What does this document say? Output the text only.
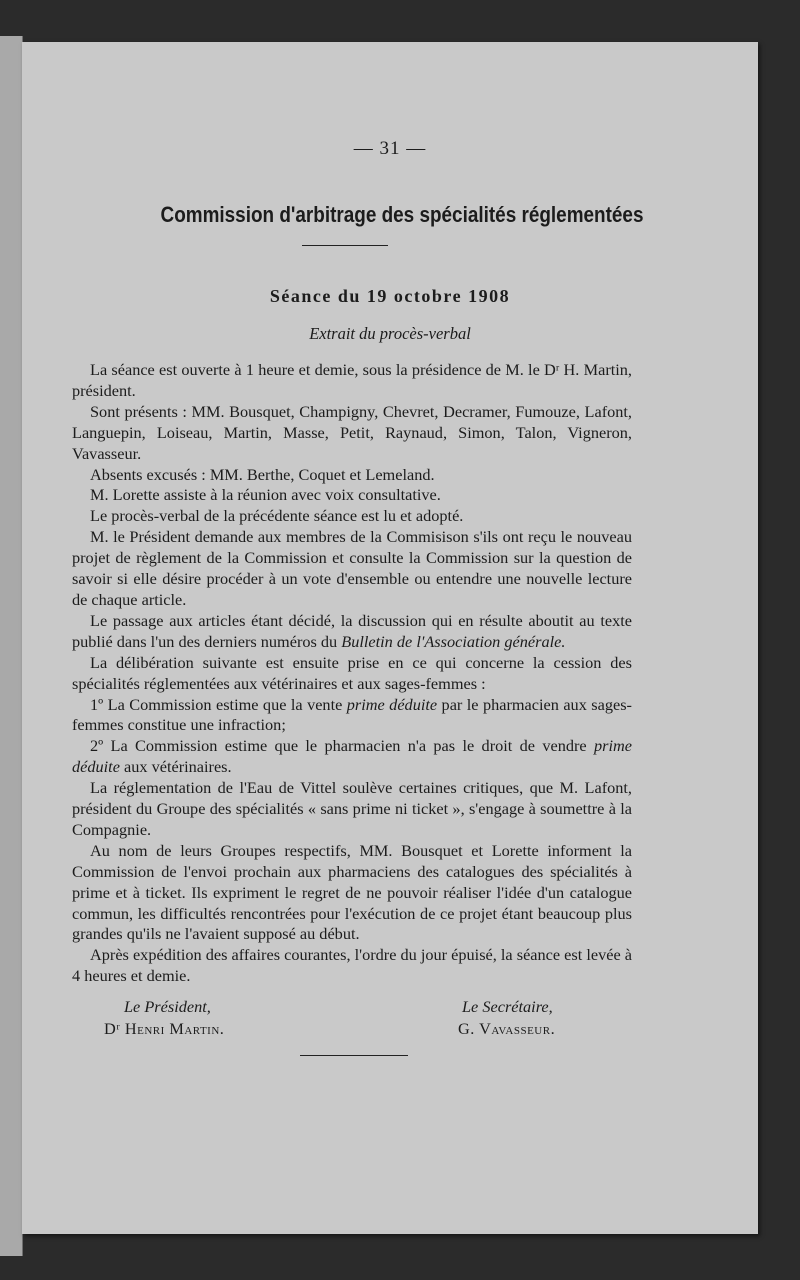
— 31 —
Commission d'arbitrage des spécialités réglementées
Séance du 19 octobre 1908
Extrait du procès-verbal

La séance est ouverte à 1 heure et demie, sous la présidence de M. le Dʳ H. Martin, président.

Sont présents : MM. Bousquet, Champigny, Chevret, Decramer, Fumouze, Lafont, Languepin, Loiseau, Martin, Masse, Petit, Raynaud, Simon, Talon, Vigneron, Vavasseur.

Absents excusés : MM. Berthe, Coquet et Lemeland.

M. Lorette assiste à la réunion avec voix consultative.

Le procès-verbal de la précédente séance est lu et adopté.

M. le Président demande aux membres de la Commisison s'ils ont reçu le nouveau projet de règlement de la Commission et consulte la Commission sur la question de savoir si elle désire procéder à un vote d'ensemble ou entendre une nouvelle lecture de chaque article.

Le passage aux articles étant décidé, la discussion qui en résulte aboutit au texte publié dans l'un des derniers numéros du Bulletin de l'Association générale.

La délibération suivante est ensuite prise en ce qui concerne la cession des spécialités réglementées aux vétérinaires et aux sages-femmes :

1º La Commission estime que la vente prime déduite par le pharmacien aux sages-femmes constitue une infraction;

2º La Commission estime que le pharmacien n'a pas le droit de vendre prime déduite aux vétérinaires.

La réglementation de l'Eau de Vittel soulève certaines critiques, que M. Lafont, président du Groupe des spécialités « sans prime ni ticket », s'engage à soumettre à la Compagnie.

Au nom de leurs Groupes respectifs, MM. Bousquet et Lorette informent la Commission de l'envoi prochain aux pharmaciens des catalogues des spécialités à prime et à ticket. Ils expriment le regret de ne pouvoir réaliser l'idée d'un catalogue commun, les difficultés rencontrées pour l'exécution de ce projet étant beaucoup plus grandes qu'ils ne l'avaient supposé au début.

Après expédition des affaires courantes, l'ordre du jour épuisé, la séance est levée à 4 heures et demie.

Le Président,
Dʳ Henri Martin.
Le Secrétaire,
G. Vavasseur.
